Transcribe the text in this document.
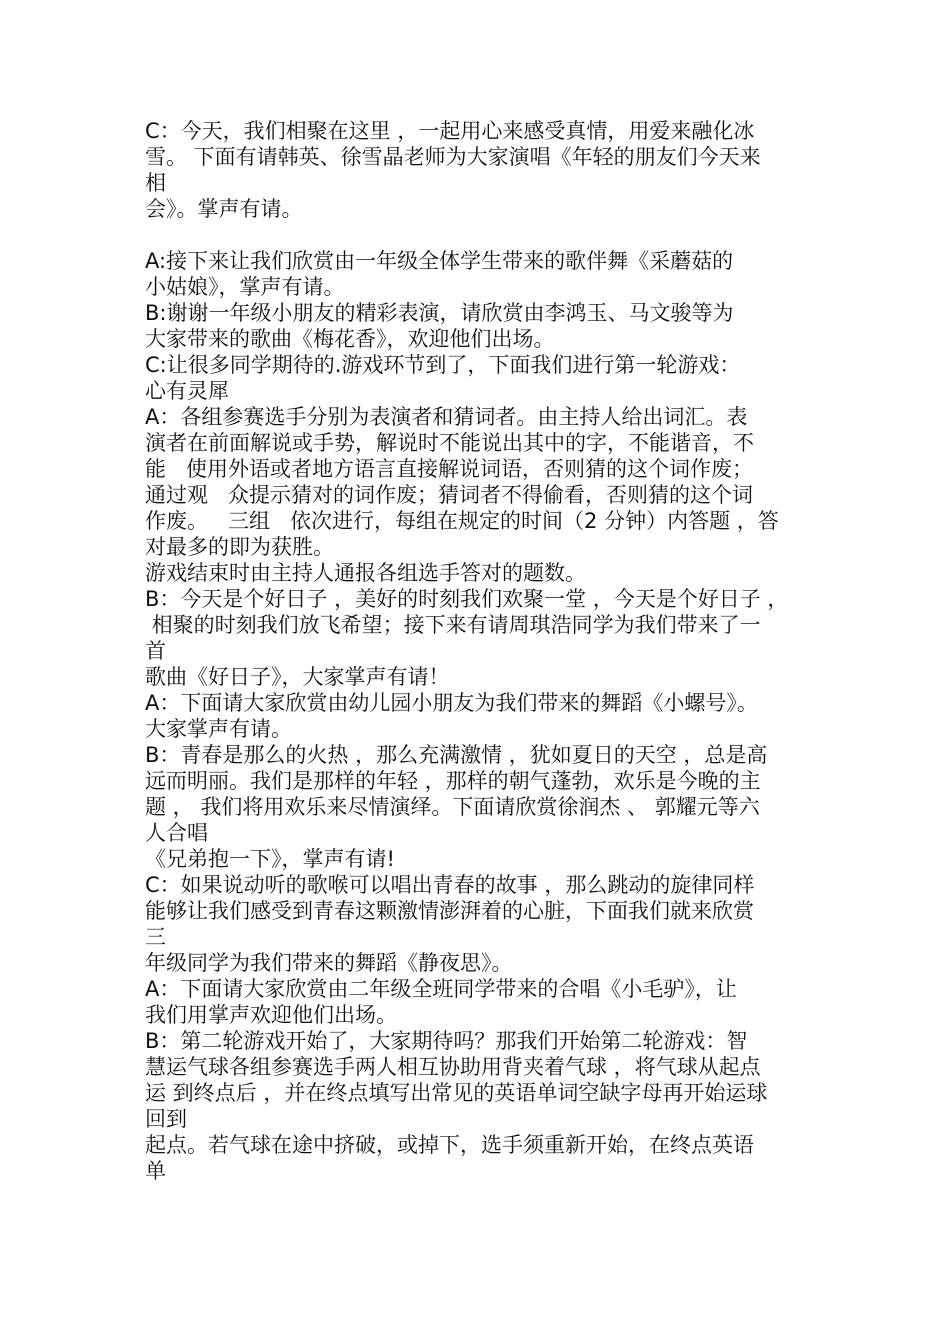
C：今天，我们相聚在这里 ，一起用心来感受真情，用爱来融化冰
雪。 下面有请韩英、徐雪晶老师为大家演唱《年轻的朋友们今天来
相
会》。掌声有请。
A:接下来让我们欣赏由一年级全体学生带来的歌伴舞《采蘑菇的
小姑娘》，掌声有请。
B:谢谢一年级小朋友的精彩表演，请欣赏由李鸿玉、马文骏等为
大家带来的歌曲《梅花香》，欢迎他们出场。
C:让很多同学期待的.游戏环节到了，下面我们进行第一轮游戏：
心有灵犀
A：各组参赛选手分别为表演者和猜词者。由主持人给出词汇。表
演者在前面解说或手势，解说时不能说出其中的字，不能谐音，不
能   使用外语或者地方语言直接解说词语，否则猜的这个词作废；
通过观   众提示猜对的词作废；猜词者不得偷看，否则猜的这个词
作废。   三组   依次进行，每组在规定的时间（2 分钟）内答题 ，答
对最多的即为获胜。
游戏结束时由主持人通报各组选手答对的题数。
B：今天是个好日子 ，美好的时刻我们欢聚一堂 ，今天是个好日子 ，
相聚的时刻我们放飞希望；接下来有请周琪浩同学为我们带来了一
首
歌曲《好日子》，大家掌声有请！
A：下面请大家欣赏由幼儿园小朋友为我们带来的舞蹈《小螺号》。
大家掌声有请。
B：青春是那么的火热 ，那么充满激情 ，犹如夏日的天空 ，总是高
远而明丽。我们是那样的年轻 ，那样的朝气蓬勃，欢乐是今晚的主
题 ， 我们将用欢乐来尽情演绎。下面请欣赏徐润杰 、 郭耀元等六
人合唱
《兄弟抱一下》，掌声有请!
C：如果说动听的歌喉可以唱出青春的故事 ，那么跳动的旋律同样
能够让我们感受到青春这颗激情澎湃着的心脏，下面我们就来欣赏
三
年级同学为我们带来的舞蹈《静夜思》。
A：下面请大家欣赏由二年级全班同学带来的合唱《小毛驴》，让
我们用掌声欢迎他们出场。
B：第二轮游戏开始了，大家期待吗？那我们开始第二轮游戏：智
慧运气球各组参赛选手两人相互协助用背夹着气球 ，将气球从起点
运 到终点后 ，并在终点填写出常见的英语单词空缺字母再开始运球
回到
起点。若气球在途中挤破，或掉下，选手须重新开始，在终点英语
单
